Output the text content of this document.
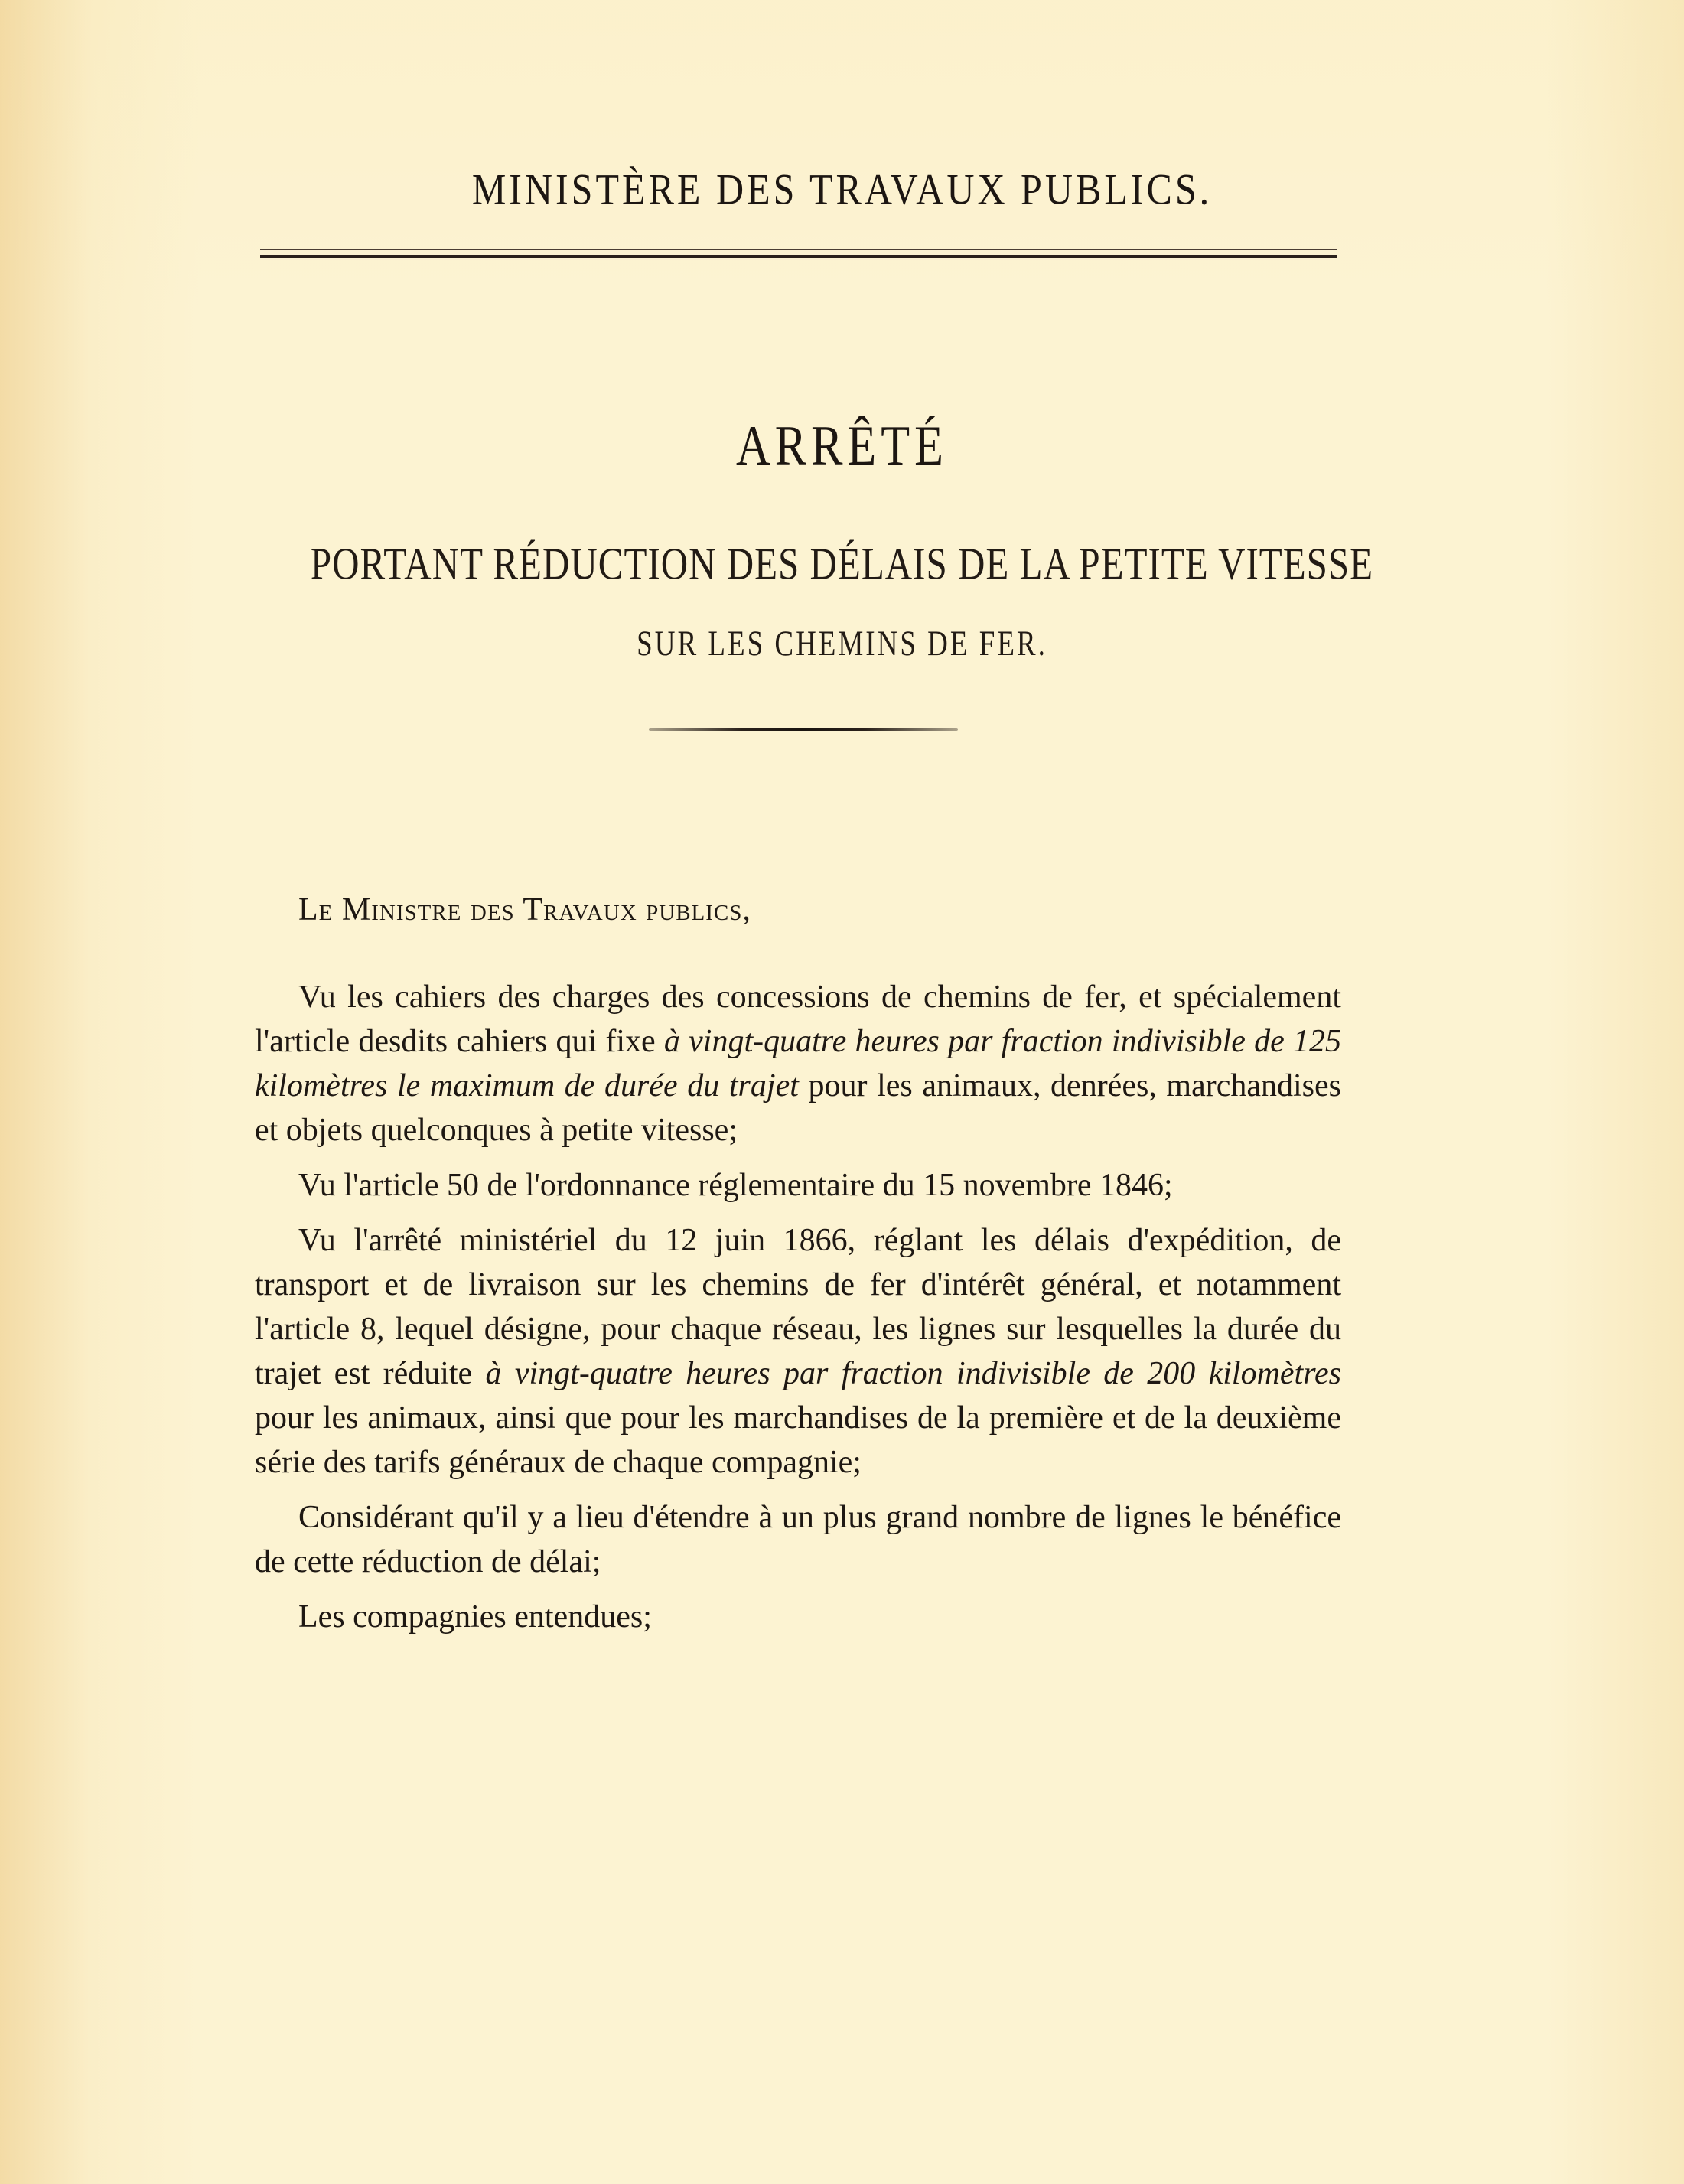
MINISTÈRE DES TRAVAUX PUBLICS.
ARRÊTÉ
PORTANT RÉDUCTION DES DÉLAIS DE LA PETITE VITESSE
SUR LES CHEMINS DE FER.
Le Ministre des Travaux publics,

Vu les cahiers des charges des concessions de chemins de fer, et spécialement l'article desdits cahiers qui fixe à vingt-quatre heures par fraction indivisible de 125 kilomètres le maximum de durée du trajet pour les animaux, denrées, marchandises et objets quelconques à petite vitesse;

Vu l'article 50 de l'ordonnance réglementaire du 15 novembre 1846;

Vu l'arrêté ministériel du 12 juin 1866, réglant les délais d'expédition, de transport et de livraison sur les chemins de fer d'intérêt général, et notamment l'article 8, lequel désigne, pour chaque réseau, les lignes sur lesquelles la durée du trajet est réduite à vingt-quatre heures par fraction indivisible de 200 kilomètres pour les animaux, ainsi que pour les marchandises de la première et de la deuxième série des tarifs généraux de chaque compagnie;

Considérant qu'il y a lieu d'étendre à un plus grand nombre de lignes le bénéfice de cette réduction de délai;

Les compagnies entendues;
